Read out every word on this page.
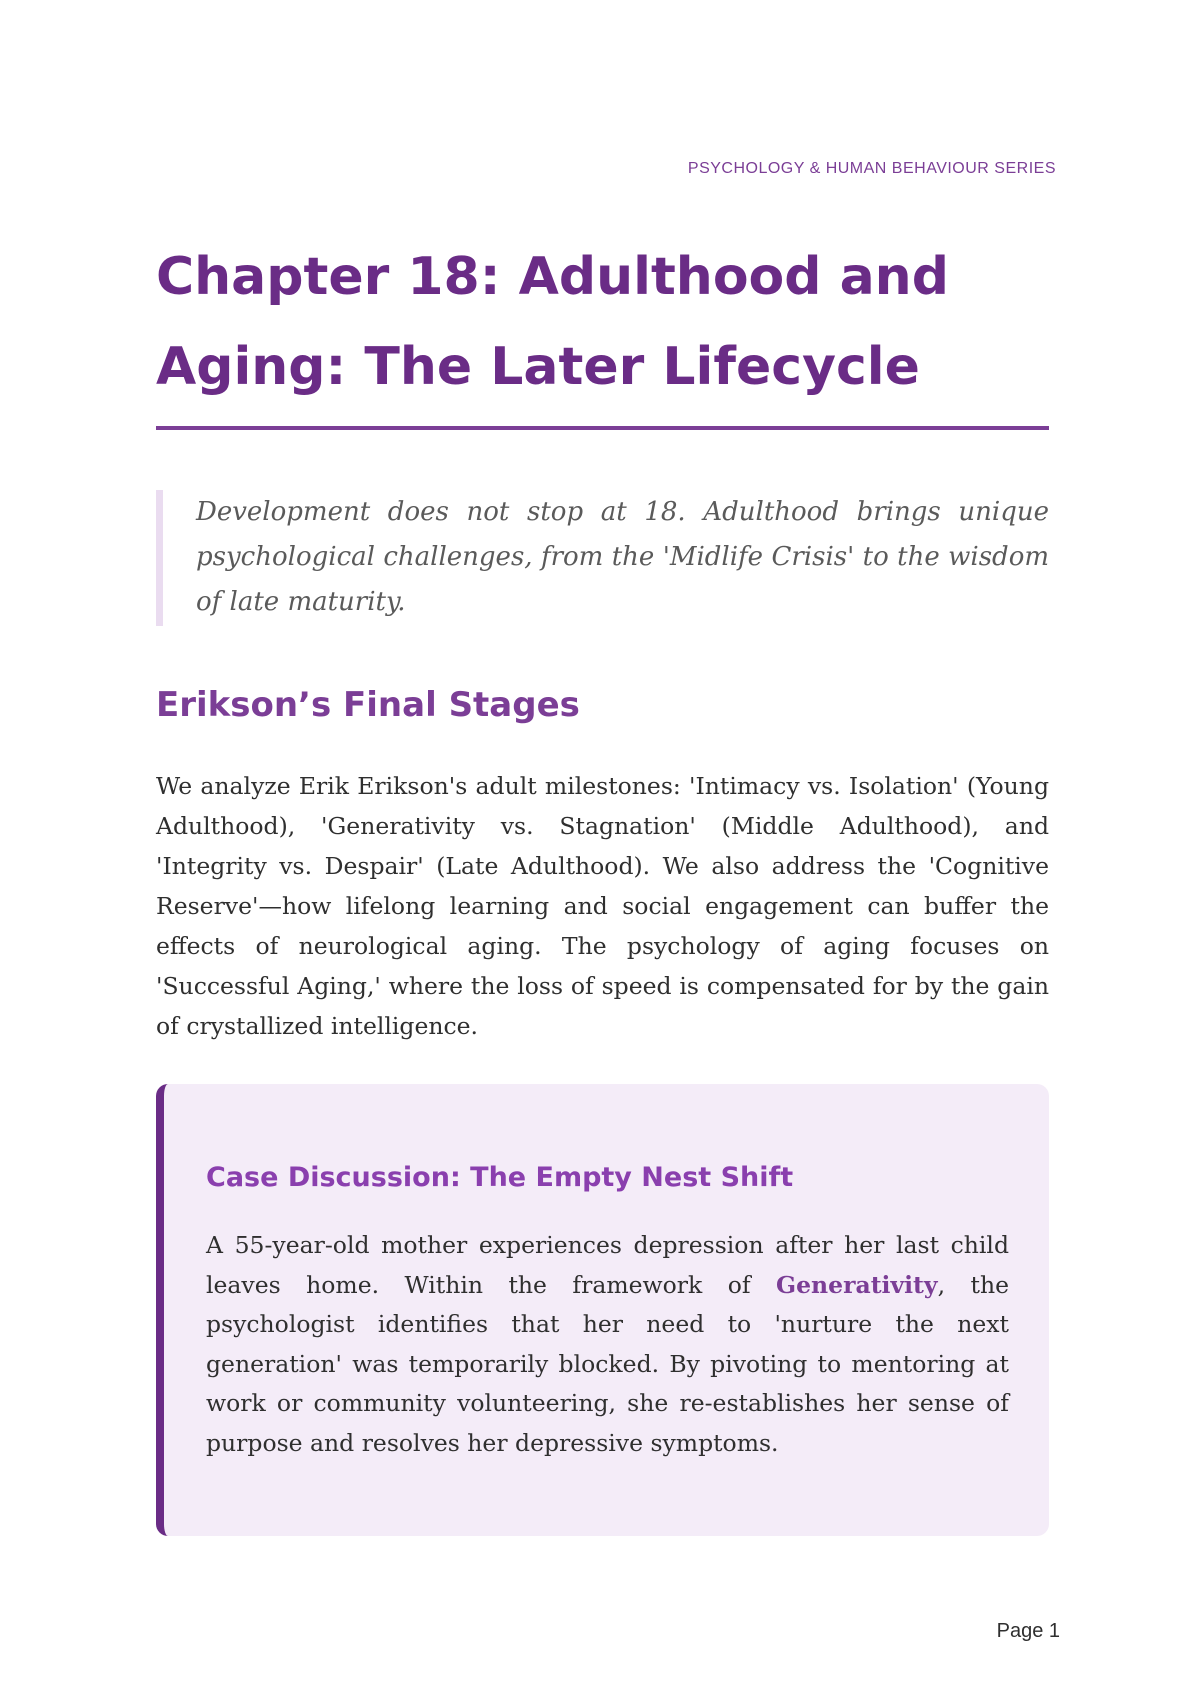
PSYCHOLOGY & HUMAN BEHAVIOUR SERIES
Chapter 18: Adulthood and Aging: The Later Lifecycle
Development does not stop at 18. Adulthood brings unique psychological challenges, from the 'Midlife Crisis' to the wisdom of late maturity.
Erikson’s Final Stages

We analyze Erik Erikson's adult milestones: 'Intimacy vs. Isolation' (Young Adulthood), 'Generativity vs. Stagnation' (Middle Adulthood), and 'Integrity vs. Despair' (Late Adulthood). We also address the 'Cognitive Reserve'—how lifelong learning and social engagement can buffer the effects of neurological aging. The psychology of aging focuses on 'Successful Aging,' where the loss of speed is compensated for by the gain of crystallized intelligence.

Case Discussion: The Empty Nest Shift

A 55-year-old mother experiences depression after her last child leaves home. Within the framework of Generativity, the psychologist identifies that her need to 'nurture the next generation' was temporarily blocked. By pivoting to mentoring at work or community volunteering, she re-establishes her sense of purpose and resolves her depressive symptoms.

Page 1
